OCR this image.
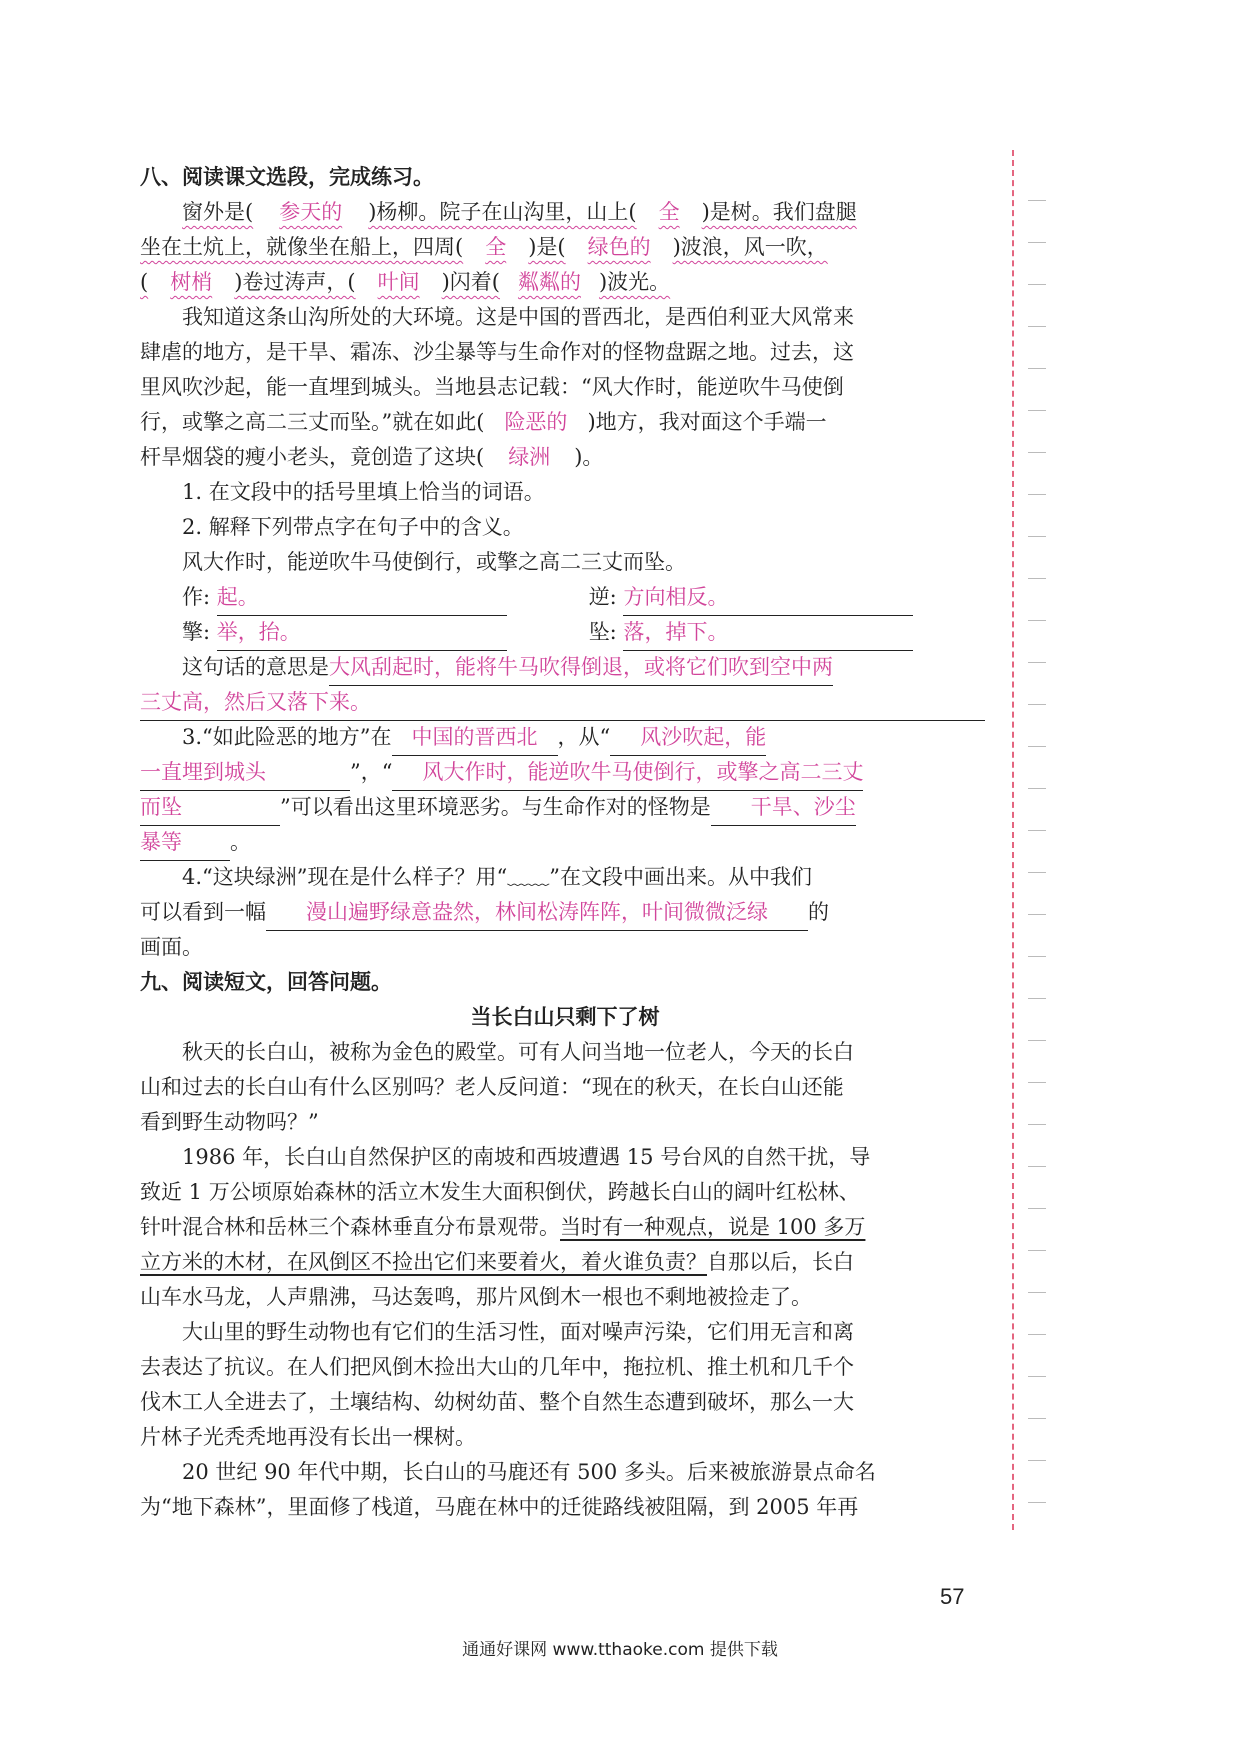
八、阅读课文选段，完成练习。
窗外是( 参天的 )杨柳。院子在山沟里，山上( 全 )是树。我们盘腿
坐在土炕上，就像坐在船上，四周( 全 )是( 绿色的 )波浪，风一吹，
( 树梢 )卷过涛声，( 叶间 )闪着( 粼粼的 )波光。
我知道这条山沟所处的大环境。这是中国的晋西北，是西伯利亚大风常来
肆虐的地方，是干旱、霜冻、沙尘暴等与生命作对的怪物盘踞之地。过去，这
里风吹沙起，能一直埋到城头。当地县志记载：“风大作时，能逆吹牛马使倒
行，或擎之高二三丈而坠。”就在如此( 险恶的 )地方，我对面这个手端一
杆旱烟袋的瘦小老头，竟创造了这块( 绿洲 )。
1. 在文段中的括号里填上恰当的词语。
2. 解释下列带点字在句子中的含义。
风大作时，能逆吹牛马使倒行，或擎之高二三丈而坠。
作: 起。	逆: 方向相反。
擎: 举，抬。	坠: 落，掉下。
这句话的意思是大风刮起时，能将牛马吹得倒退，或将它们吹到空中两
三丈高，然后又落下来。
3.“如此险恶的地方”在 中国的晋西北 ，从“ 风沙吹起，能
一直埋到城头	”，“ 风大作时，能逆吹牛马使倒行，或擎之高二三丈
而坠	”可以看出这里环境恶劣。与生命作对的怪物是 干旱、沙尘
暴等 。
4.“这块绿洲”现在是什么样子？用“﹏﹏”在文段中画出来。从中我们
可以看到一幅 漫山遍野绿意盎然，林间松涛阵阵，叶间微微泛绿 的
画面。
九、阅读短文，回答问题。
当长白山只剩下了树
秋天的长白山，被称为金色的殿堂。可有人问当地一位老人，今天的长白
山和过去的长白山有什么区别吗？老人反问道：“现在的秋天，在长白山还能
看到野生动物吗？”
1986 年，长白山自然保护区的南坡和西坡遭遇 15 号台风的自然干扰，导
致近 1 万公顷原始森林的活立木发生大面积倒伏，跨越长白山的阔叶红松林、
针叶混合林和岳林三个森林垂直分布景观带。当时有一种观点，说是 100 多万
立方米的木材，在风倒区不捡出它们来要着火，着火谁负责？自那以后，长白
山车水马龙，人声鼎沸，马达轰鸣，那片风倒木一根也不剩地被捡走了。
大山里的野生动物也有它们的生活习性，面对噪声污染，它们用无言和离
去表达了抗议。在人们把风倒木捡出大山的几年中，拖拉机、推土机和几千个
伐木工人全进去了，土壤结构、幼树幼苗、整个自然生态遭到破坏，那么一大
片林子光秃秃地再没有长出一棵树。
20 世纪 90 年代中期，长白山的马鹿还有 500 多头。后来被旅游景点命名
为“地下森林”，里面修了栈道，马鹿在林中的迁徙路线被阻隔，到 2005 年再
57
通通好课网 www.tthaoke.com 提供下载
